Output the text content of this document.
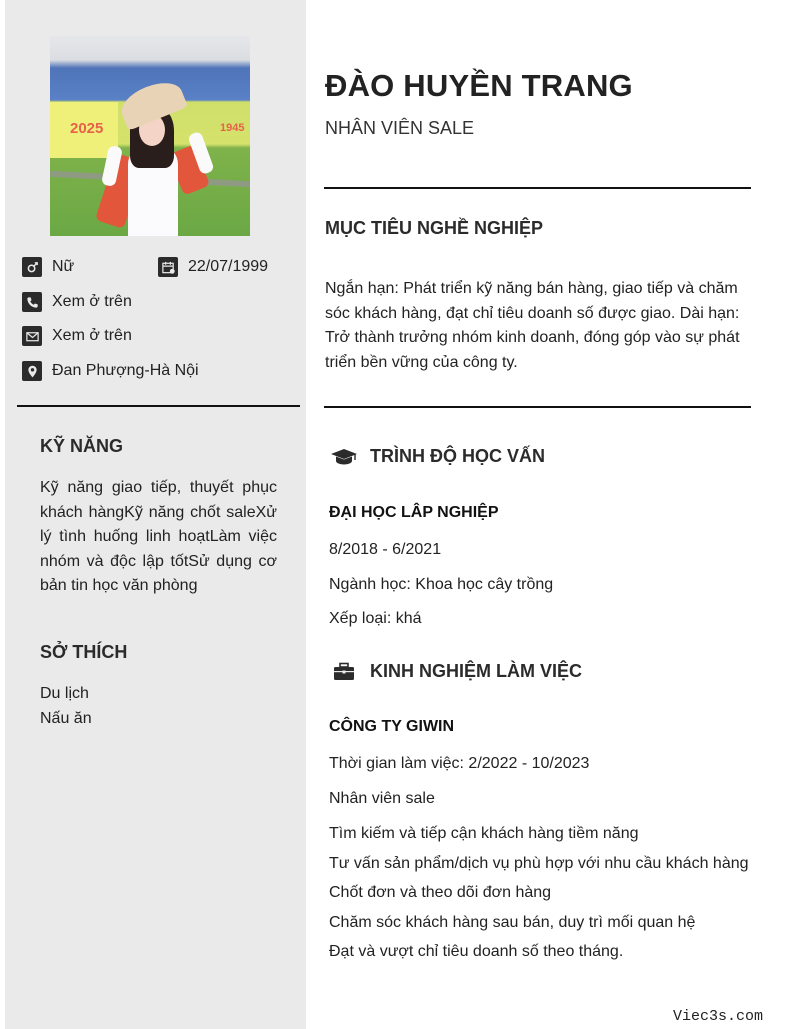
2025	1945
Nữ	22/07/1999
Xem ở trên
Xem ở trên
Đan Phượng-Hà Nội
KỸ NĂNG
Kỹ năng giao tiếp, thuyết phục khách hàngKỹ năng chốt saleXử lý tình huống linh hoạtLàm việc nhóm và độc lập tốtSử dụng cơ bản tin học văn phòng
SỞ THÍCH
Du lịch
Nấu ăn
ĐÀO HUYỀN TRANG
NHÂN VIÊN SALE
MỤC TIÊU NGHỀ NGHIỆP
Ngắn hạn: Phát triển kỹ năng bán hàng, giao tiếp và chăm sóc khách hàng, đạt chỉ tiêu doanh số được giao. Dài hạn: Trở thành trưởng nhóm kinh doanh, đóng góp vào sự phát triển bền vững của công ty.
TRÌNH ĐỘ HỌC VẤN
ĐẠI HỌC LÂP NGHIỆP
8/2018 - 6/2021
Ngành học: Khoa học cây trồng
Xếp loại: khá
KINH NGHIỆM LÀM VIỆC
CÔNG TY GIWIN
Thời gian làm việc: 2/2022 - 10/2023
Nhân viên sale
Tìm kiếm và tiếp cận khách hàng tiềm năng
Tư vấn sản phẩm/dịch vụ phù hợp với nhu cầu khách hàng
Chốt đơn và theo dõi đơn hàng
Chăm sóc khách hàng sau bán, duy trì mối quan hệ
Đạt và vượt chỉ tiêu doanh số theo tháng.
Viec3s.com
